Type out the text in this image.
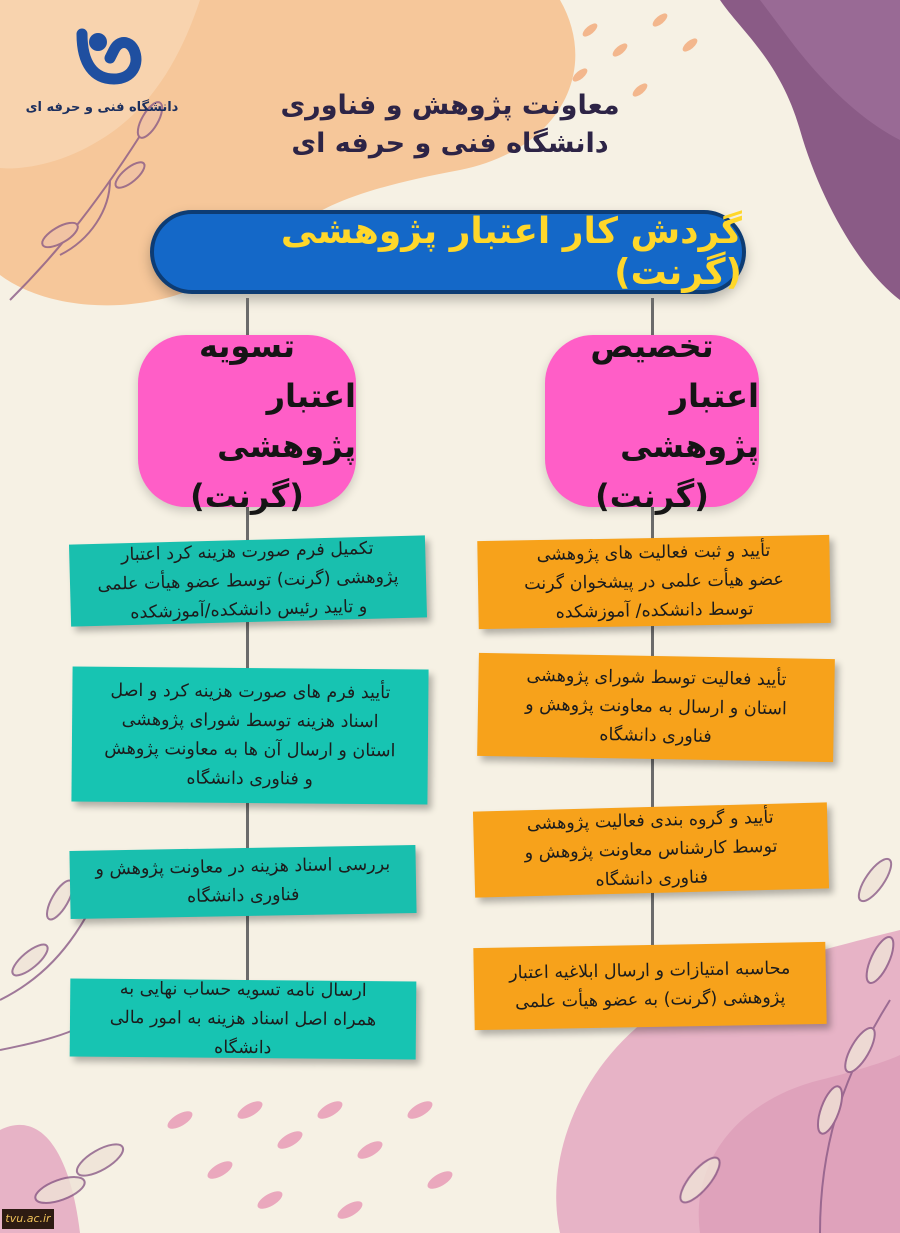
دانشگاه فنی و حرفه ای	معاونت پژوهش و فناوری
دانشگاه فنی و حرفه ای
گردش کار اعتبار پژوهشی (گرنت)
تسویه
اعتبار پژوهشی
(گرنت)
تخصیص
اعتبار پژوهشی
(گرنت)
تأیید و ثبت فعالیت های پژوهشی
عضو هیأت علمی در پیشخوان گرنت
توسط دانشکده/ آموزشکده
تأیید فعالیت توسط شورای پژوهشی
استان و ارسال به معاونت پژوهش و
فناوری دانشگاه
تأیید و گروه بندی فعالیت پژوهشی
توسط کارشناس معاونت پژوهش و
فناوری دانشگاه
محاسبه امتیازات و ارسال ابلاغیه اعتبار
پژوهشی (گرنت) به عضو هیأت علمی
تکمیل فرم صورت هزینه کرد اعتبار
پژوهشی (گرنت) توسط عضو هیأت علمی
و تایید رئیس دانشکده/آموزشکده
تأیید فرم های صورت هزینه کرد و اصل
اسناد هزینه توسط شورای پژوهشی
استان و ارسال آن ها به معاونت پژوهش
و فناوری دانشگاه
بررسی اسناد هزینه در معاونت پژوهش و
فناوری دانشگاه
ارسال نامه تسویه حساب نهایی به
همراه اصل اسناد هزینه به امور مالی
دانشگاه
tvu.ac.ir
